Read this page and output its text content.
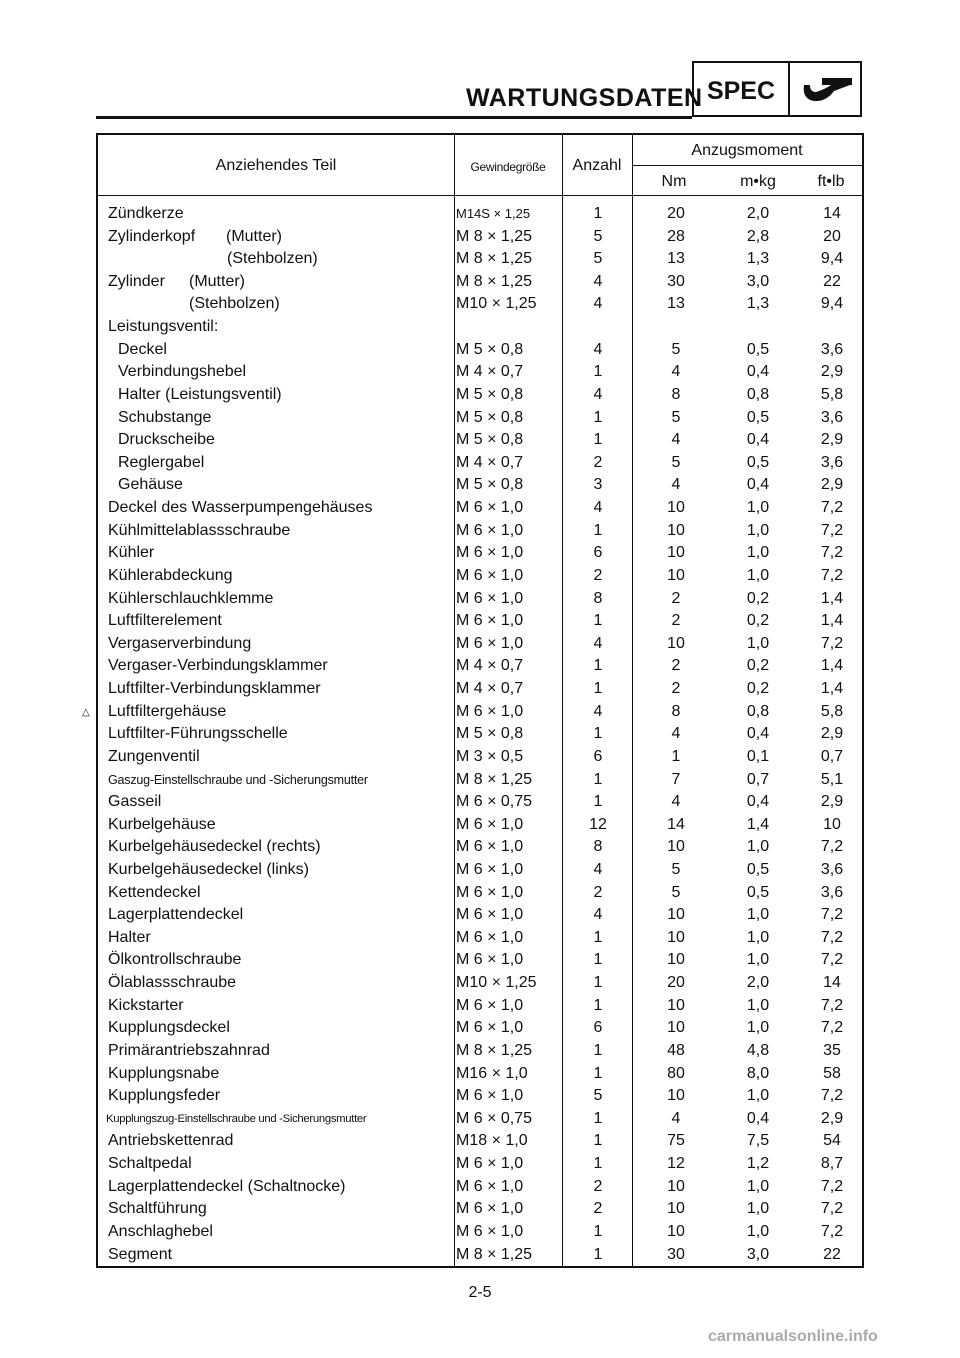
WARTUNGSDATEN SPEC
Anziehendes Teil	Gewindegröße	Anzahl
Anzugsmoment
Nm	m•kg	ft•lb
Zündkerze	M14S × 1,25	1	20	2,0	14
Zylinderkopf (Mutter)	M 8 × 1,25	5	28	2,8	20
(Stehbolzen)	M 8 × 1,25	5	13	1,3	9,4
Zylinder (Mutter)	M 8 × 1,25	4	30	3,0	22
(Stehbolzen)	M10 × 1,25	4	13	1,3	9,4
Leistungsventil:
Deckel	M 5 × 0,8	4	5	0,5	3,6
Verbindungshebel	M 4 × 0,7	1	4	0,4	2,9
Halter (Leistungsventil)	M 5 × 0,8	4	8	0,8	5,8
Schubstange	M 5 × 0,8	1	5	0,5	3,6
Druckscheibe	M 5 × 0,8	1	4	0,4	2,9
Reglergabel	M 4 × 0,7	2	5	0,5	3,6
Gehäuse	M 5 × 0,8	3	4	0,4	2,9
Deckel des Wasserpumpengehäuses	M 6 × 1,0	4	10	1,0	7,2
Kühlmittelablassschraube	M 6 × 1,0	1	10	1,0	7,2
Kühler	M 6 × 1,0	6	10	1,0	7,2
Kühlerabdeckung	M 6 × 1,0	2	10	1,0	7,2
Kühlerschlauchklemme	M 6 × 1,0	8	2	0,2	1,4
Luftfilterelement	M 6 × 1,0	1	2	0,2	1,4
Vergaserverbindung	M 6 × 1,0	4	10	1,0	7,2
Vergaser-Verbindungsklammer	M 4 × 0,7	1	2	0,2	1,4
Luftfilter-Verbindungsklammer	M 4 × 0,7	1	2	0,2	1,4
Luftfiltergehäuse	M 6 × 1,0	4	8	0,8	5,8
Luftfilter-Führungsschelle	M 5 × 0,8	1	4	0,4	2,9
Zungenventil	M 3 × 0,5	6	1	0,1	0,7
Gaszug-Einstellschraube und -Sicherungsmutter	M 8 × 1,25	1	7	0,7	5,1
Gasseil	M 6 × 0,75	1	4	0,4	2,9
Kurbelgehäuse	M 6 × 1,0	12	14	1,4	10
Kurbelgehäusedeckel (rechts)	M 6 × 1,0	8	10	1,0	7,2
Kurbelgehäusedeckel (links)	M 6 × 1,0	4	5	0,5	3,6
Kettendeckel	M 6 × 1,0	2	5	0,5	3,6
Lagerplattendeckel	M 6 × 1,0	4	10	1,0	7,2
Halter	M 6 × 1,0	1	10	1,0	7,2
Ölkontrollschraube	M 6 × 1,0	1	10	1,0	7,2
Ölablassschraube	M10 × 1,25	1	20	2,0	14
Kickstarter	M 6 × 1,0	1	10	1,0	7,2
Kupplungsdeckel	M 6 × 1,0	6	10	1,0	7,2
Primärantriebszahnrad	M 8 × 1,25	1	48	4,8	35
Kupplungsnabe	M16 × 1,0	1	80	8,0	58
Kupplungsfeder	M 6 × 1,0	5	10	1,0	7,2
Kupplungszug-Einstellschraube und -Sicherungsmutter	M 6 × 0,75	1	4	0,4	2,9
Antriebskettenrad	M18 × 1,0	1	75	7,5	54
Schaltpedal	M 6 × 1,0	1	12	1,2	8,7
Lagerplattendeckel (Schaltnocke)	M 6 × 1,0	2	10	1,0	7,2
Schaltführung	M 6 × 1,0	2	10	1,0	7,2
Anschlaghebel	M 6 × 1,0	1	10	1,0	7,2
Segment	M 8 × 1,25	1	30	3,0	22
△
2-5
carmanualsonline.info
